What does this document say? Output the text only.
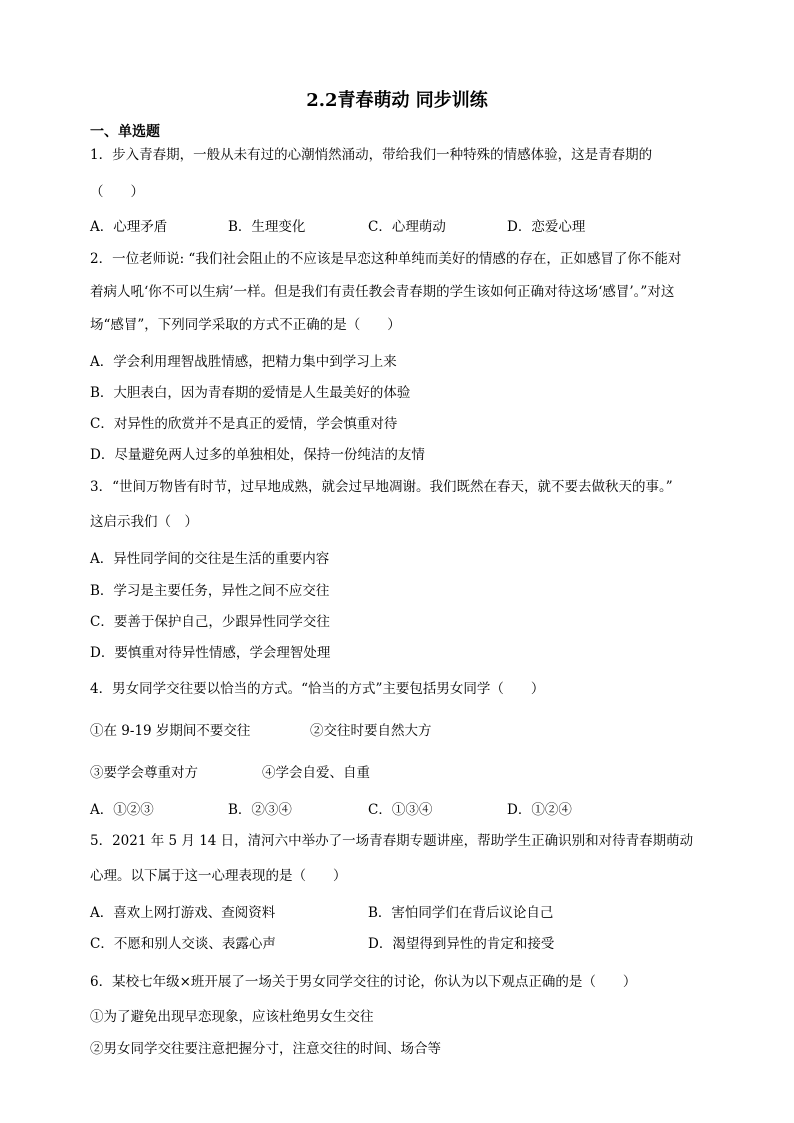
2.2青春萌动 同步训练
一、单选题
1．步入青春期，一般从未有过的心潮悄然涌动，带给我们一种特殊的情感体验，这是青春期的
（　　）
A．心理矛盾	B．生理变化	C．心理萌动	D．恋爱心理
2．一位老师说: “我们社会阻止的不应该是早恋这种单纯而美好的情感的存在，正如感冒了你不能对
着病人吼‘你不可以生病’一样。但是我们有责任教会青春期的学生该如何正确对待这场‘感冒’。”对这
场“感冒”，下列同学采取的方式不正确的是（　　）
A．学会利用理智战胜情感，把精力集中到学习上来
B．大胆表白，因为青春期的爱情是人生最美好的体验
C．对异性的欣赏并不是真正的爱情，学会慎重对待
D．尽量避免两人过多的单独相处，保持一份纯洁的友情
3．“世间万物皆有时节，过早地成熟，就会过早地凋谢。我们既然在春天，就不要去做秋天的事。”
这启示我们（　）
A．异性同学间的交往是生活的重要内容
B．学习是主要任务，异性之间不应交往
C．要善于保护自己，少跟异性同学交往
D．要慎重对待异性情感，学会理智处理
4．男女同学交往要以恰当的方式。“恰当的方式”主要包括男女同学（　　）
①在 9-19 岁期间不要交往	②交往时要自然大方
③要学会尊重对方	④学会自爱、自重
A．①②③	B．②③④	C．①③④	D．①②④
5．2021 年 5 月 14 日，清河六中举办了一场青春期专题讲座，帮助学生正确识别和对待青春期萌动
心理。以下属于这一心理表现的是（　　）
A．喜欢上网打游戏、查阅资料	B．害怕同学们在背后议论自己
C．不愿和别人交谈、表露心声	D．渴望得到异性的肯定和接受
6．某校七年级×班开展了一场关于男女同学交往的讨论，你认为以下观点正确的是（　　）
①为了避免出现早恋现象，应该杜绝男女生交往
②男女同学交往要注意把握分寸，注意交往的时间、场合等
